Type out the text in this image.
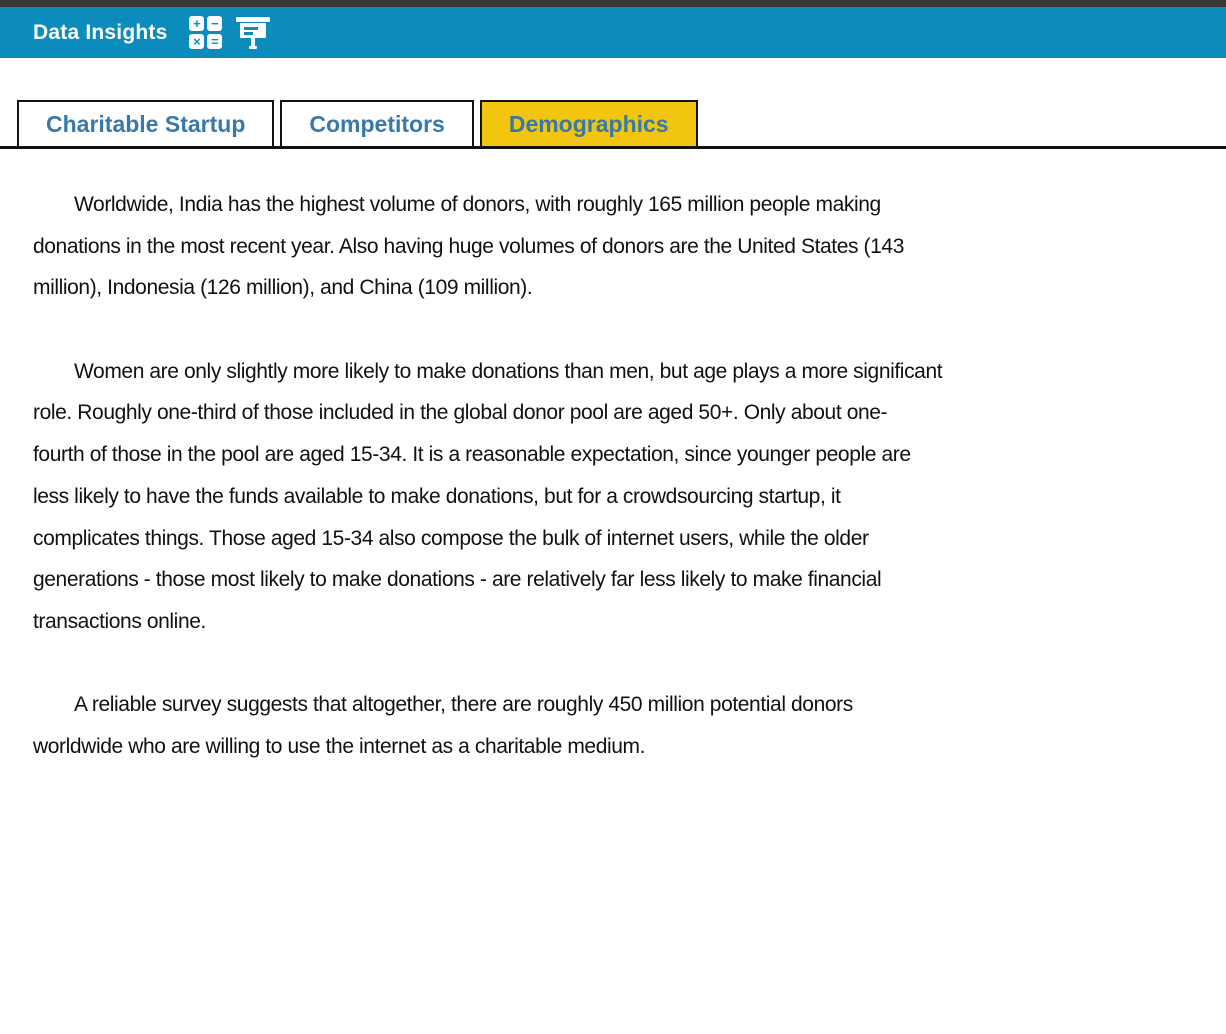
Data Insights + −
× =
Charitable Startup	Competitors	Demographics
Worldwide, India has the highest volume of donors, with roughly 165 million people making
donations in the most recent year. Also having huge volumes of donors are the United States (143
million), Indonesia (126 million), and China (109 million).
Women are only slightly more likely to make donations than men, but age plays a more significant
role. Roughly one-third of those included in the global donor pool are aged 50+. Only about one-
fourth of those in the pool are aged 15-34. It is a reasonable expectation, since younger people are
less likely to have the funds available to make donations, but for a crowdsourcing startup, it
complicates things. Those aged 15-34 also compose the bulk of internet users, while the older
generations - those most likely to make donations - are relatively far less likely to make financial
transactions online.
A reliable survey suggests that altogether, there are roughly 450 million potential donors
worldwide who are willing to use the internet as a charitable medium.
